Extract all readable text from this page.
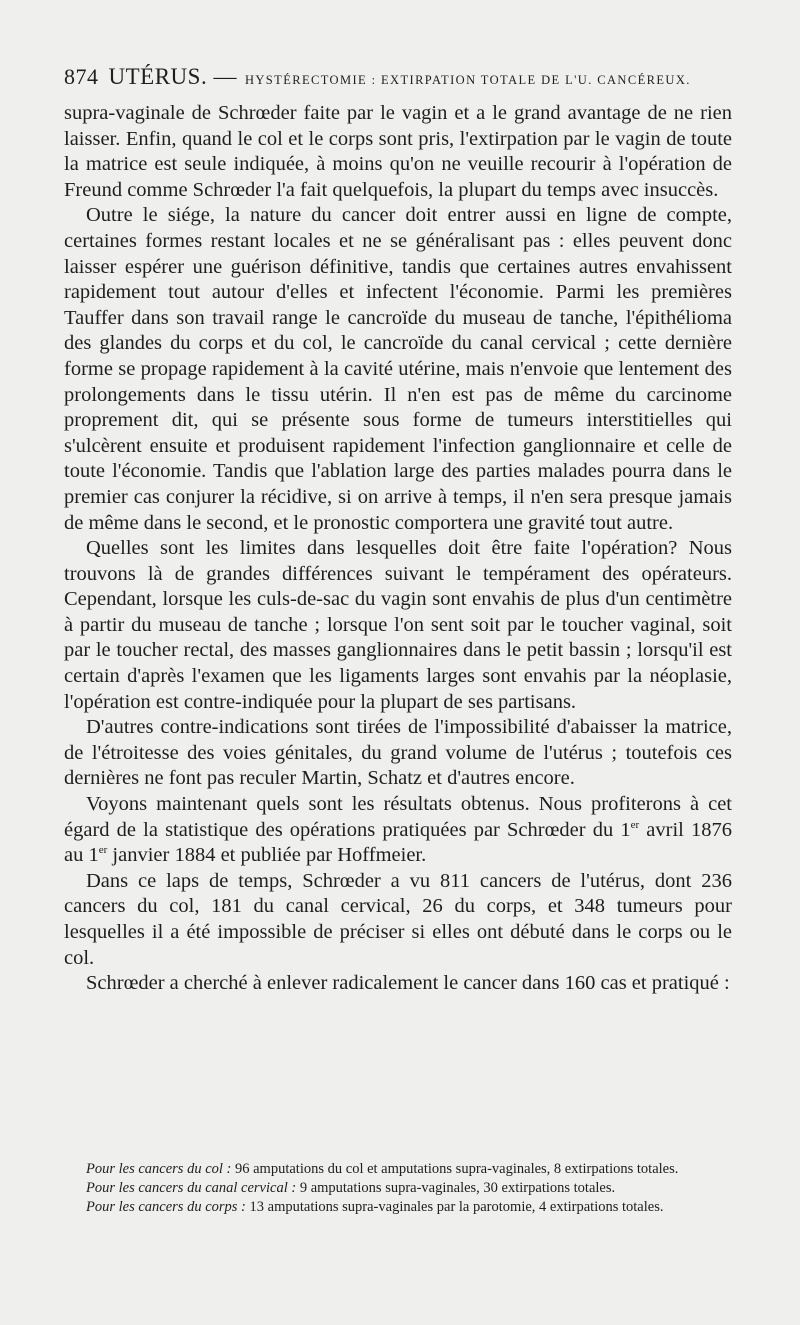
874 UTÉRUS. — HYSTÉRECTOMIE : EXTIRPATION TOTALE DE L'U. CANCÉREUX.

supra-vaginale de Schrœder faite par le vagin et a le grand avantage de ne rien laisser. Enfin, quand le col et le corps sont pris, l'extirpation par le vagin de toute la matrice est seule indiquée, à moins qu'on ne veuille recourir à l'opération de Freund comme Schrœder l'a fait quelquefois, la plupart du temps avec insuccès.

Outre le siége, la nature du cancer doit entrer aussi en ligne de compte, certaines formes restant locales et ne se généralisant pas : elles peuvent donc laisser espérer une guérison définitive, tandis que certaines autres envahissent rapidement tout autour d'elles et infectent l'économie. Parmi les premières Tauffer dans son travail range le cancroïde du museau de tanche, l'épithélioma des glandes du corps et du col, le cancroïde du canal cervical ; cette dernière forme se propage rapidement à la cavité utérine, mais n'envoie que lentement des prolongements dans le tissu utérin. Il n'en est pas de même du carcinome proprement dit, qui se présente sous forme de tumeurs interstitielles qui s'ulcèrent ensuite et produisent rapidement l'infection ganglionnaire et celle de toute l'économie. Tandis que l'ablation large des parties malades pourra dans le premier cas conjurer la récidive, si on arrive à temps, il n'en sera presque jamais de même dans le second, et le pronostic comportera une gravité tout autre.

Quelles sont les limites dans lesquelles doit être faite l'opération? Nous trouvons là de grandes différences suivant le tempérament des opérateurs. Cependant, lorsque les culs-de-sac du vagin sont envahis de plus d'un centimètre à partir du museau de tanche ; lorsque l'on sent soit par le toucher vaginal, soit par le toucher rectal, des masses ganglionnaires dans le petit bassin ; lorsqu'il est certain d'après l'examen que les ligaments larges sont envahis par la néoplasie, l'opération est contre-indiquée pour la plupart de ses partisans.

D'autres contre-indications sont tirées de l'impossibilité d'abaisser la matrice, de l'étroitesse des voies génitales, du grand volume de l'utérus ; toutefois ces dernières ne font pas reculer Martin, Schatz et d'autres encore.

Voyons maintenant quels sont les résultats obtenus. Nous profiterons à cet égard de la statistique des opérations pratiquées par Schrœder du 1er avril 1876 au 1er janvier 1884 et publiée par Hoffmeier.

Dans ce laps de temps, Schrœder a vu 811 cancers de l'utérus, dont 236 cancers du col, 181 du canal cervical, 26 du corps, et 348 tumeurs pour lesquelles il a été impossible de préciser si elles ont débuté dans le corps ou le col.

Schrœder a cherché à enlever radicalement le cancer dans 160 cas et pratiqué :

Pour les cancers du col : 96 amputations du col et amputations supra-vaginales, 8 extirpations totales.

Pour les cancers du canal cervical : 9 amputations supra-vaginales, 30 extirpations totales.

Pour les cancers du corps : 13 amputations supra-vaginales par la parotomie, 4 extirpations totales.
